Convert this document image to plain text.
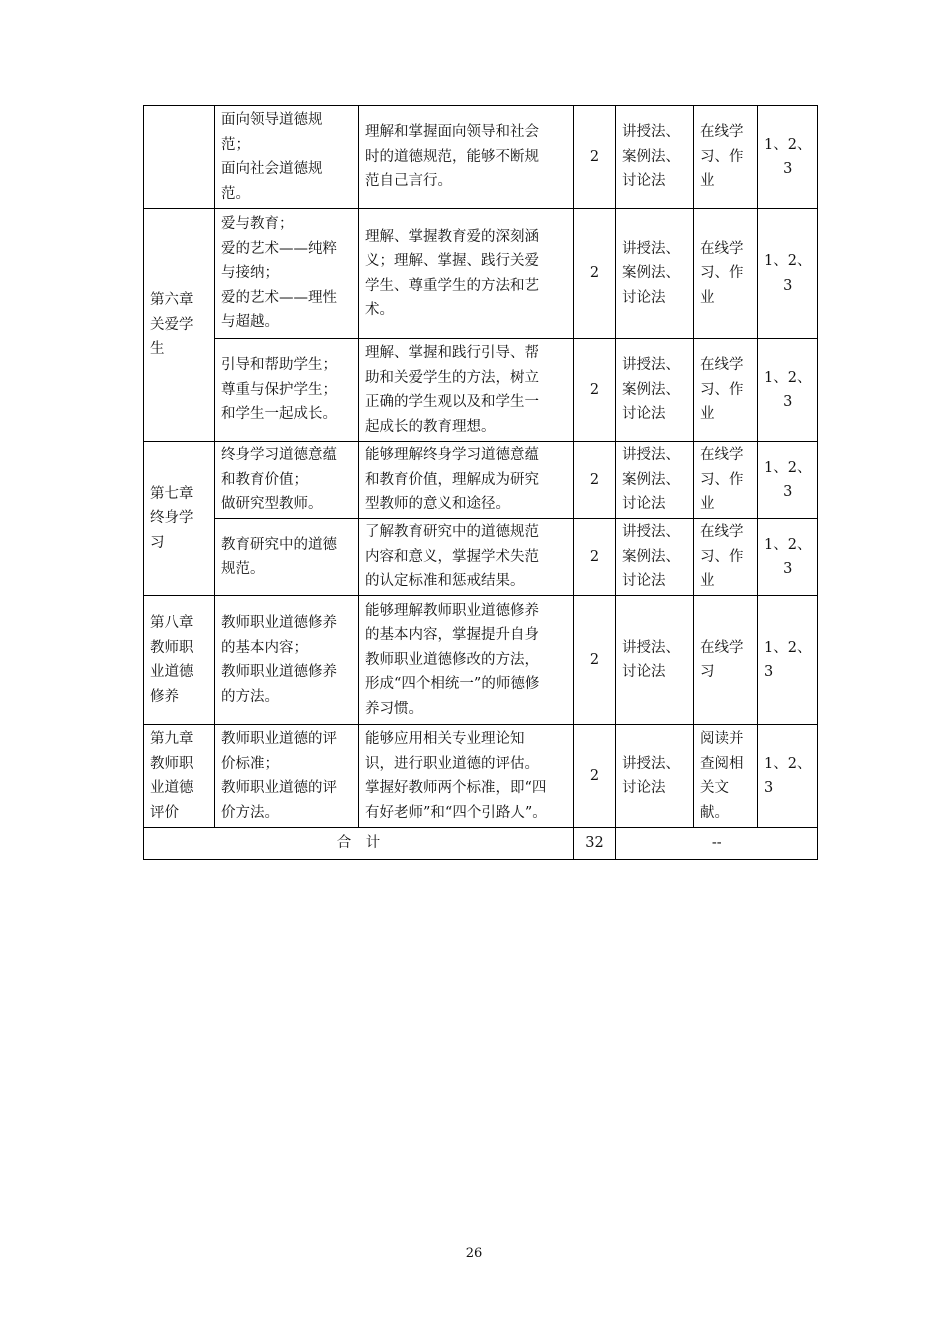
	面向领导道德规
范；
面向社会道德规
范。	理解和掌握面向领导和社会
时的道德规范，能够不断规
范自己言行。	2	讲授法、
案例法、
讨论法	在线学
习、作
业	1、2、
3

第六章
关爱学
生	爱与教育；
爱的艺术——纯粹
与接纳；
爱的艺术——理性
与超越。	理解、掌握教育爱的深刻涵
义；理解、掌握、践行关爱
学生、尊重学生的方法和艺
术。	2	讲授法、
案例法、
讨论法	在线学
习、作
业	1、2、
3

	引导和帮助学生；
尊重与保护学生；
和学生一起成长。	理解、掌握和践行引导、帮
助和关爱学生的方法，树立
正确的学生观以及和学生一
起成长的教育理想。	2	讲授法、
案例法、
讨论法	在线学
习、作
业	1、2、
3

第七章
终身学
习	终身学习道德意蕴
和教育价值；
做研究型教师。	能够理解终身学习道德意蕴
和教育价值，理解成为研究
型教师的意义和途径。	2	讲授法、
案例法、
讨论法	在线学
习、作
业	1、2、
3

	教育研究中的道德
规范。	了解教育研究中的道德规范
内容和意义，掌握学术失范
的认定标准和惩戒结果。	2	讲授法、
案例法、
讨论法	在线学
习、作
业	1、2、
3

第八章
教师职
业道德
修养	教师职业道德修养
的基本内容；
教师职业道德修养
的方法。	能够理解教师职业道德修养
的基本内容，掌握提升自身
教师职业道德修改的方法，
形成“四个相统一”的师德修
养习惯。	2	讲授法、
讨论法	在线学
习	1、2、
3

第九章
教师职
业道德
评价	教师职业道德的评
价标准；
教师职业道德的评
价方法。	能够应用相关专业理论知
识，进行职业道德的评估。
掌握好教师两个标准，即“四
有好老师”和“四个引路人”。	2	讲授法、
讨论法	阅读并
查阅相
关文
献。	1、2、
3

合　计			32	--		
26
